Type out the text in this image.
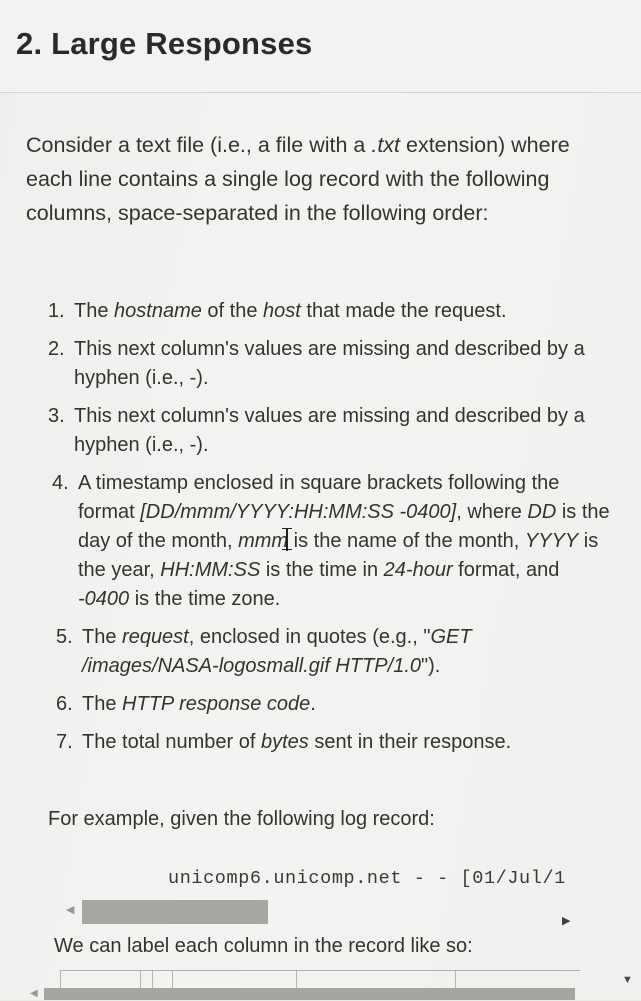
2. Large Responses

Consider a text file (i.e., a file with a .txt extension) where each line contains a single log record with the following columns, space-separated in the following order:

1. The hostname of the host that made the request.
2. This next column's values are missing and described by a hyphen (i.e., -).
3. This next column's values are missing and described by a hyphen (i.e., -).
4. A timestamp enclosed in square brackets following the format [DD/mmm/YYYY:HH:MM:SS -0400], where DD is the day of the month, mmm is the name of the month, YYYY is the year, HH:MM:SS is the time in 24-hour format, and -0400 is the time zone.
5. The request, enclosed in quotes (e.g., "GET /images/NASA-logosmall.gif HTTP/1.0").
6. The HTTP response code.
7. The total number of bytes sent in their response.

For example, given the following log record:

unicomp6.unicomp.net - - [01/Jul/1
◀
▶

We can label each column in the record like so:

◀
▼
